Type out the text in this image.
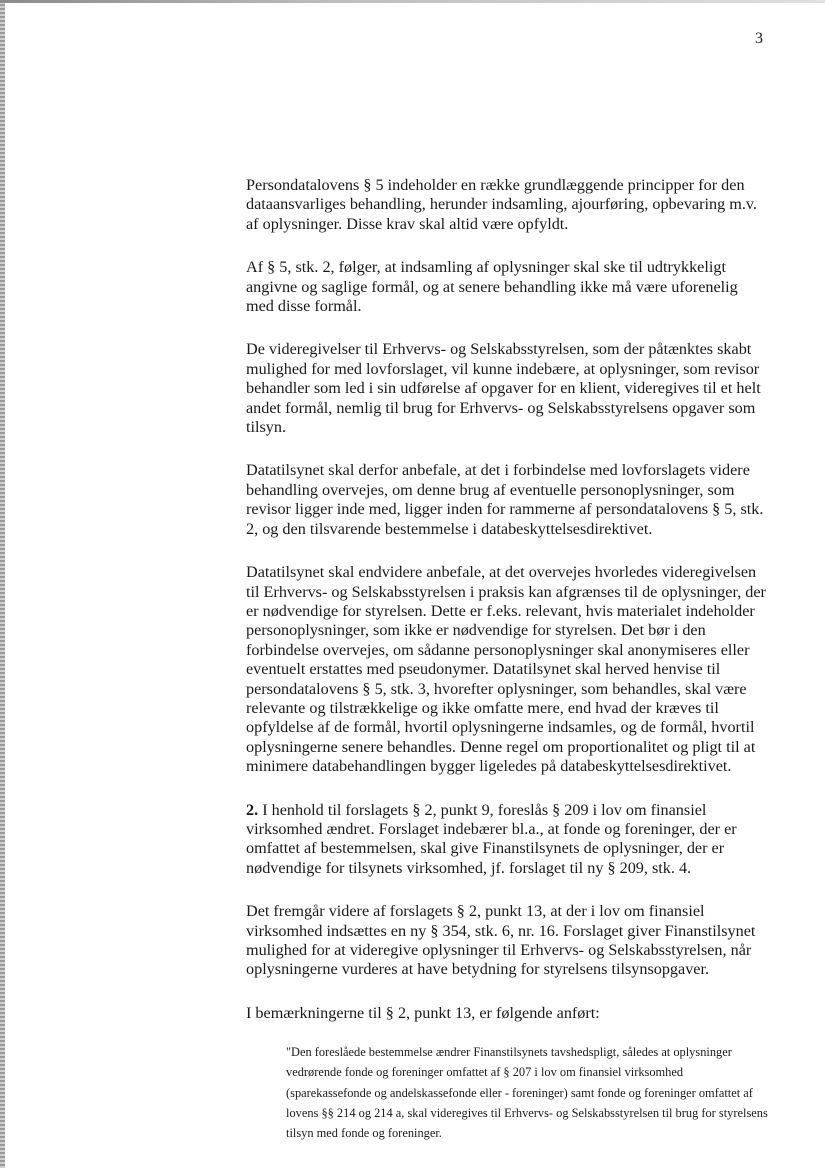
3

Persondatalovens § 5 indeholder en række grundlæggende principper for den dataansvarliges behandling, herunder indsamling, ajourføring, opbevaring m.v. af oplysninger. Disse krav skal altid være opfyldt.

Af § 5, stk. 2, følger, at indsamling af oplysninger skal ske til udtrykkeligt angivne og saglige formål, og at senere behandling ikke må være uforenelig med disse formål.

De videregivelser til Erhvervs- og Selskabsstyrelsen, som der påtænktes skabt mulighed for med lovforslaget, vil kunne indebære, at oplysninger, som revisor behandler som led i sin udførelse af opgaver for en klient, videregives til et helt andet formål, nemlig til brug for Erhvervs- og Selskabsstyrelsens opgaver som tilsyn.

Datatilsynet skal derfor anbefale, at det i forbindelse med lovforslagets videre behandling overvejes, om denne brug af eventuelle personoplysninger, som revisor ligger inde med, ligger inden for rammerne af persondatalovens § 5, stk. 2, og den tilsvarende bestemmelse i databeskyttelsesdirektivet.

Datatilsynet skal endvidere anbefale, at det overvejes hvorledes videregivelsen til Erhvervs- og Selskabsstyrelsen i praksis kan afgrænses til de oplysninger, der er nødvendige for styrelsen. Dette er f.eks. relevant, hvis materialet indeholder personoplysninger, som ikke er nødvendige for styrelsen. Det bør i den forbindelse overvejes, om sådanne personoplysninger skal anonymiseres eller eventuelt erstattes med pseudonymer. Datatilsynet skal herved henvise til persondatalovens § 5, stk. 3, hvorefter oplysninger, som behandles, skal være relevante og tilstrækkelige og ikke omfatte mere, end hvad der kræves til opfyldelse af de formål, hvortil oplysningerne indsamles, og de formål, hvortil oplysningerne senere behandles. Denne regel om proportionalitet og pligt til at minimere databehandlingen bygger ligeledes på databeskyttelsesdirektivet.

2. I henhold til forslagets § 2, punkt 9, foreslås § 209 i lov om finansiel virksomhed ændret. Forslaget indebærer bl.a., at fonde og foreninger, der er omfattet af bestemmelsen, skal give Finanstilsynets de oplysninger, der er nødvendige for tilsynets virksomhed, jf. forslaget til ny § 209, stk. 4.

Det fremgår videre af forslagets § 2, punkt 13, at der i lov om finansiel virksomhed indsættes en ny § 354, stk. 6, nr. 16. Forslaget giver Finanstilsynet mulighed for at videregive oplysninger til Erhvervs- og Selskabsstyrelsen, når oplysningerne vurderes at have betydning for styrelsens tilsynsopgaver.

I bemærkningerne til § 2, punkt 13, er følgende anført:

"Den foreslåede bestemmelse ændrer Finanstilsynets tavshedspligt, således at oplysninger vedrørende fonde og foreninger omfattet af § 207 i lov om finansiel virksomhed (sparekassefonde og andelskassefonde eller - foreninger) samt fonde og foreninger omfattet af lovens §§ 214 og 214 a, skal videregives til Erhvervs- og Selskabsstyrelsen til brug for styrelsens tilsyn med fonde og foreninger.
